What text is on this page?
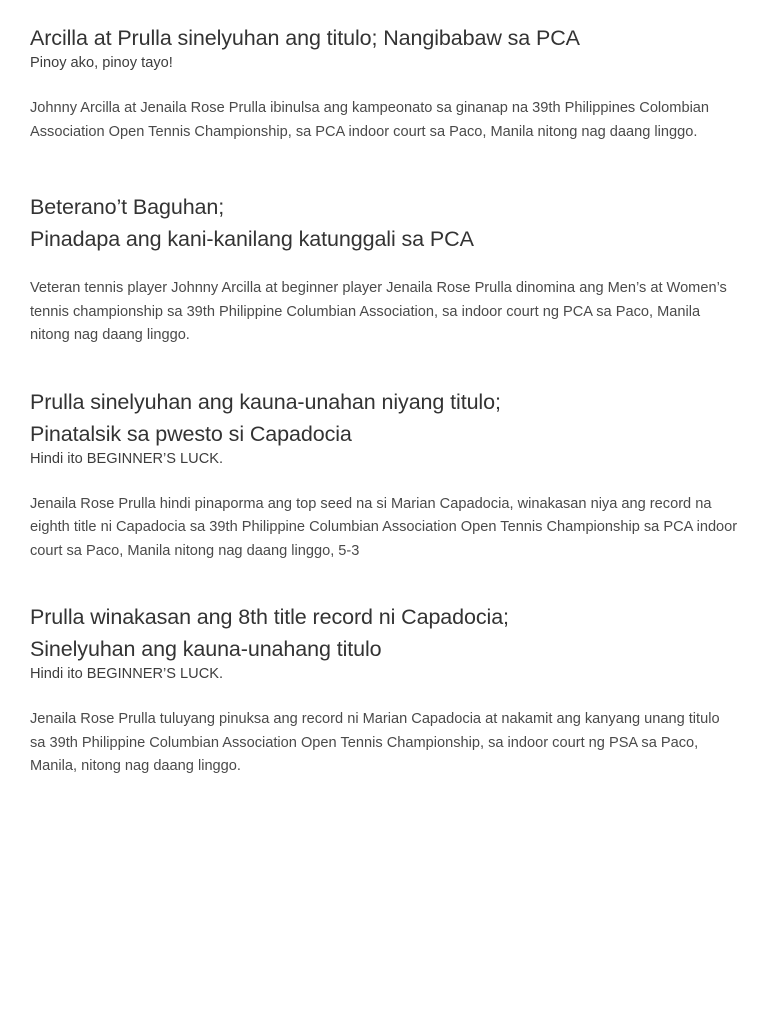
Arcilla at Prulla sinelyuhan ang titulo; Nangibabaw sa PCA

Pinoy ako, pinoy tayo!

Johnny Arcilla at Jenaila Rose Prulla ibinulsa ang kampeonato sa ginanap na 39th Philippines Colombian Association Open Tennis Championship, sa PCA indoor court sa Paco, Manila nitong nag daang linggo.

Beterano’t Baguhan;
Pinadapa ang kani-kanilang katunggali sa PCA

Veteran tennis player Johnny Arcilla at beginner player Jenaila Rose Prulla dinomina ang Men’s at Women’s tennis championship sa 39th Philippine Columbian Association, sa indoor court ng PCA sa Paco, Manila nitong nag daang linggo.

Prulla sinelyuhan ang kauna-unahan niyang titulo;
Pinatalsik sa pwesto si Capadocia

Hindi ito BEGINNER’S LUCK.

Jenaila Rose Prulla hindi pinaporma ang top seed na si Marian Capadocia, winakasan niya ang record na eighth title ni Capadocia sa 39th Philippine Columbian Association Open Tennis Championship sa PCA indoor court sa Paco, Manila nitong nag daang linggo, 5-3

Prulla winakasan ang 8th title record ni Capadocia;
Sinelyuhan ang kauna-unahang titulo

Hindi ito BEGINNER’S LUCK.

Jenaila Rose Prulla tuluyang pinuksa ang record ni Marian Capadocia at nakamit ang kanyang unang titulo sa 39th Philippine Columbian Association Open Tennis Championship, sa indoor court ng PSA sa Paco, Manila, nitong nag daang linggo.
